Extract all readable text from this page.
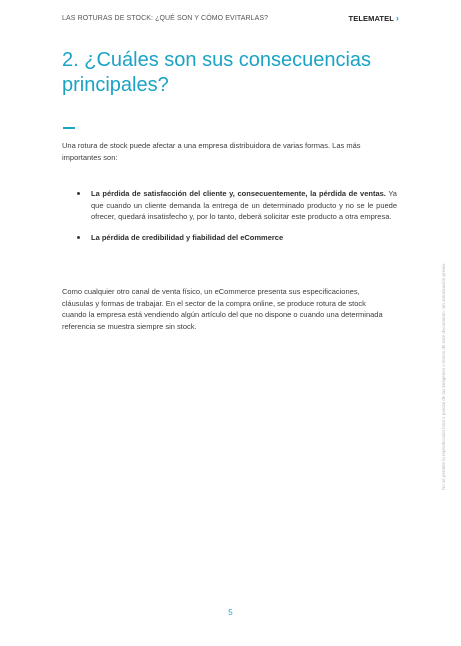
LAS ROTURAS DE STOCK: ¿QUÉ SON Y CÓMO EVITARLAS?	TELEMATEL ›
2. ¿Cuáles son sus consecuencias principales?

Una rotura de stock puede afectar a una empresa distribuidora de varias formas. Las más importantes son:

La pérdida de satisfacción del cliente y, consecuentemente, la pérdida de ventas. Ya que cuando un cliente demanda la entrega de un determinado producto y no se le puede ofrecer, quedará insatisfecho y, por lo tanto, deberá solicitar este producto a otra empresa.
La pérdida de credibilidad y fiabilidad del eCommerce

Como cualquier otro canal de venta físico, un eCommerce presenta sus especificaciones, cláusulas y formas de trabajar. En el sector de la compra online, se produce rotura de stock cuando la empresa está vendiendo algún artículo del que no dispone o cuando una determinada referencia se muestra siempre sin stock.

5
No se permite la reproducción total o parcial de las imágenes o textos de este documento, sin autorización previa.
